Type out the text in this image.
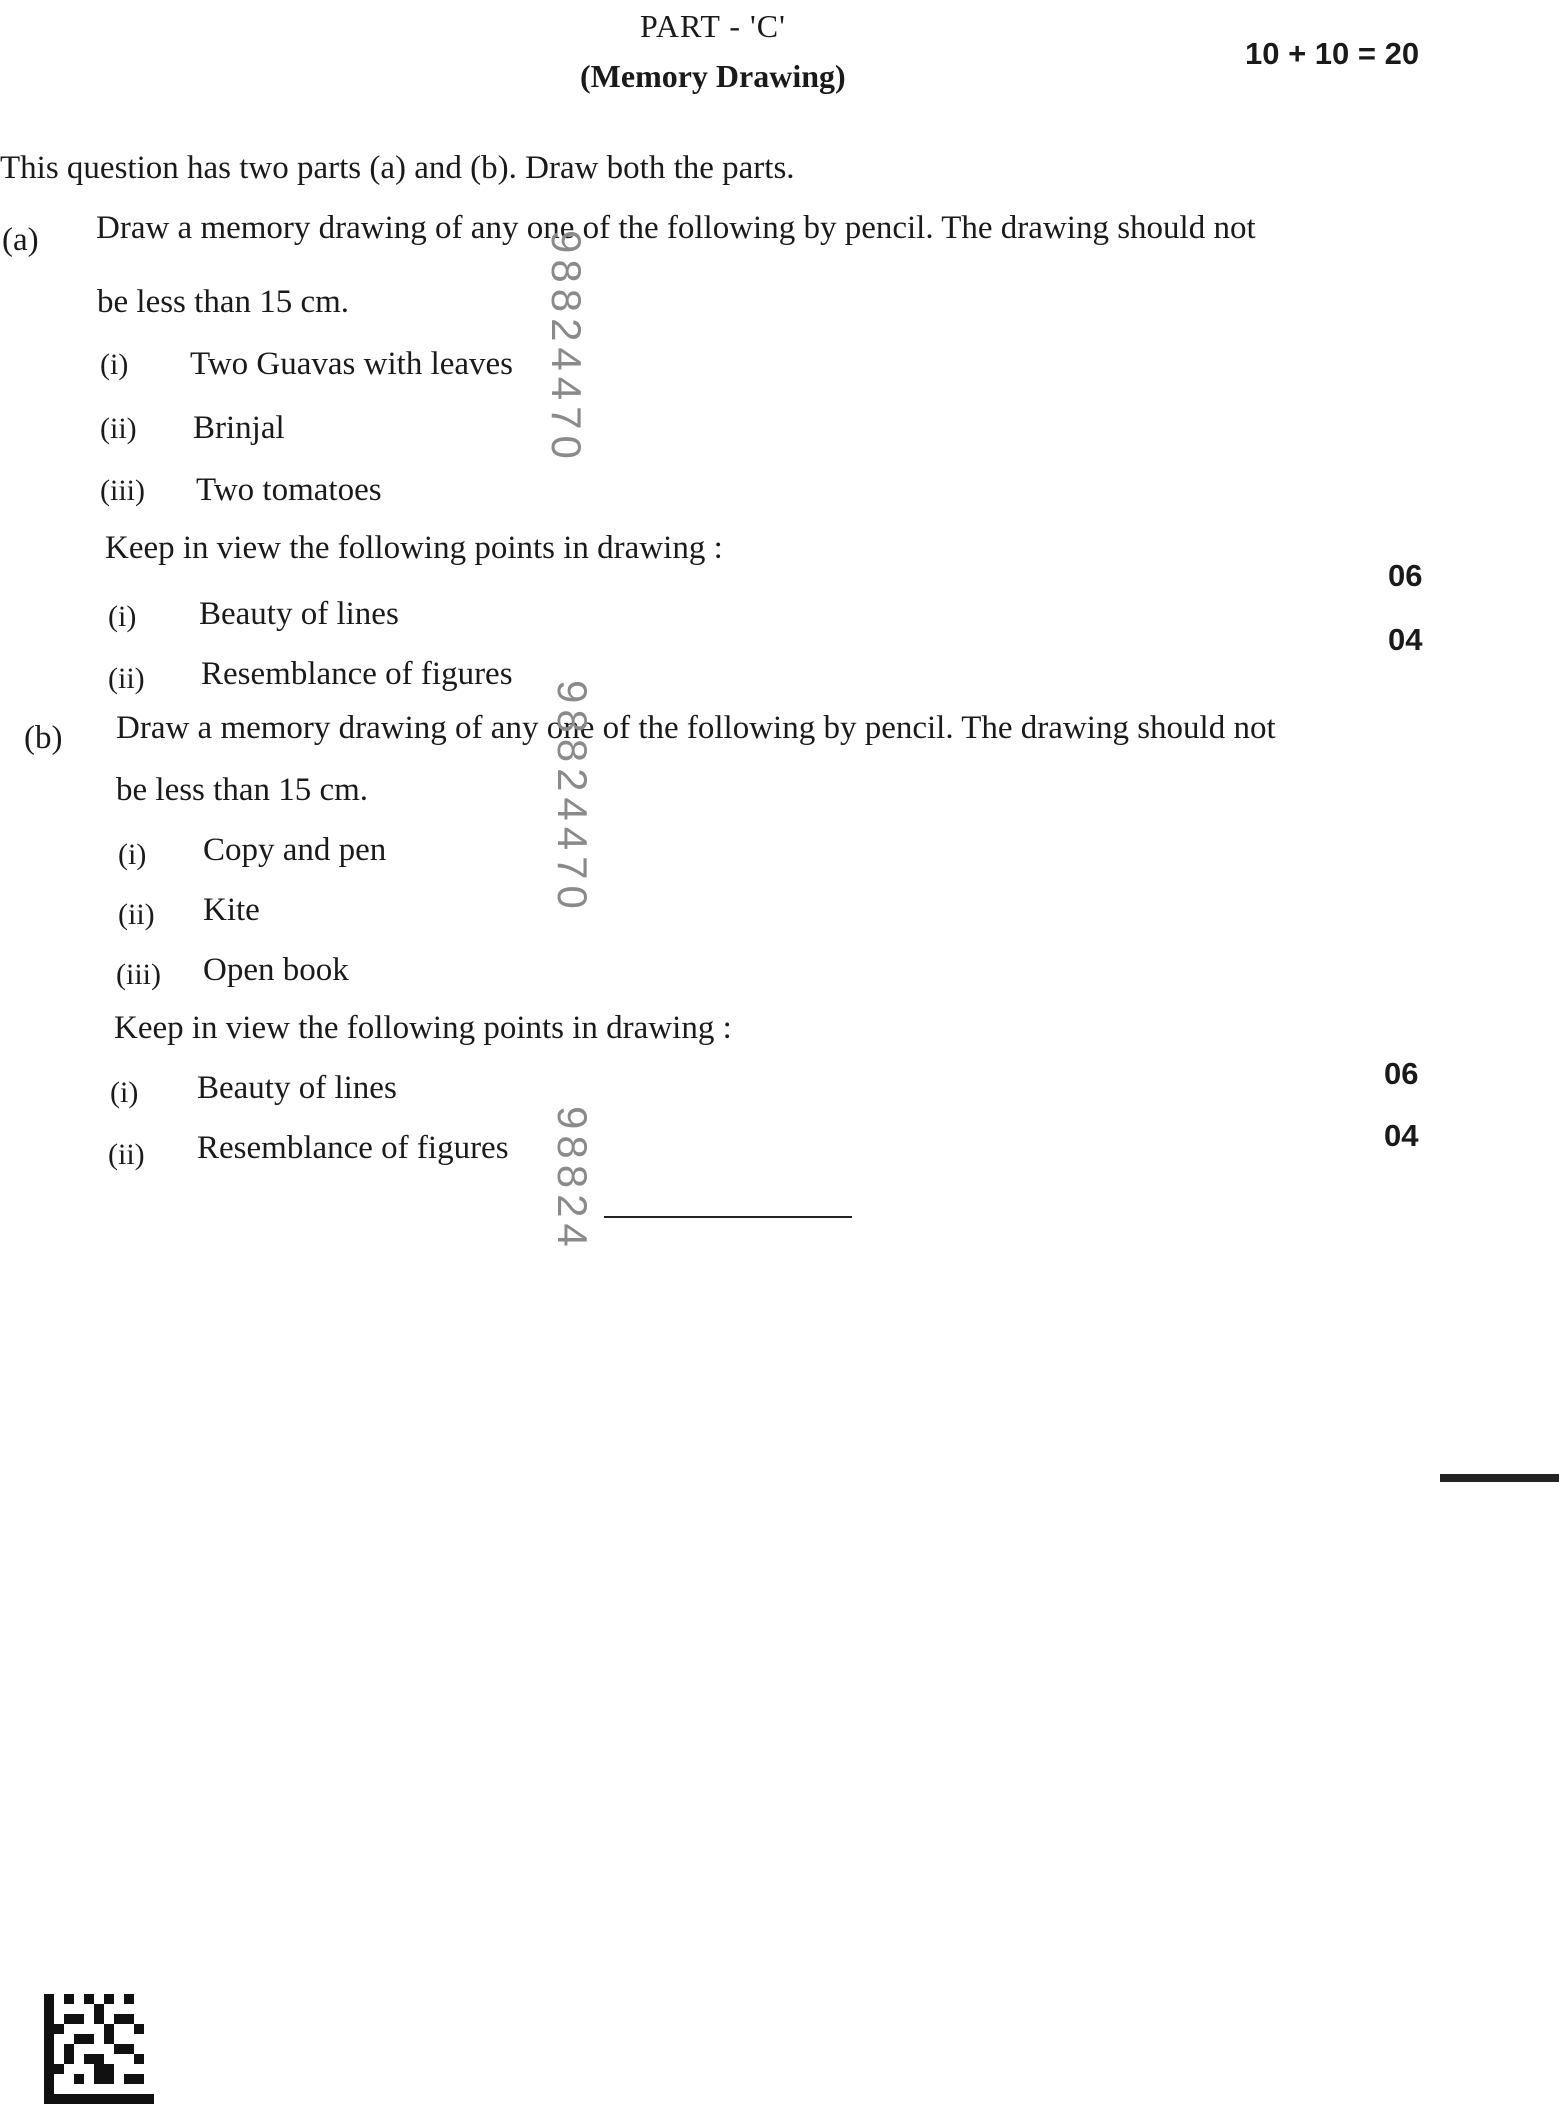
PART - 'C'
(Memory Drawing)
10 + 10 = 20
This question has two parts (a) and (b). Draw both the parts.
(a) Draw a memory drawing of any one of the following by pencil. The drawing should not
be less than 15 cm.
(i) Two Guavas with leaves
(ii) Brinjal
(iii) Two tomatoes
Keep in view the following points in drawing :
(i) Beauty of lines
06
(ii) Resemblance of figures
04
(b) Draw a memory drawing of any one of the following by pencil. The drawing should not
be less than 15 cm.
(i) Copy and pen
(ii) Kite
(iii) Open book
Keep in view the following points in drawing :
(i) Beauty of lines	06
(ii) Resemblance of figures	04
98824470
98824470
98824
